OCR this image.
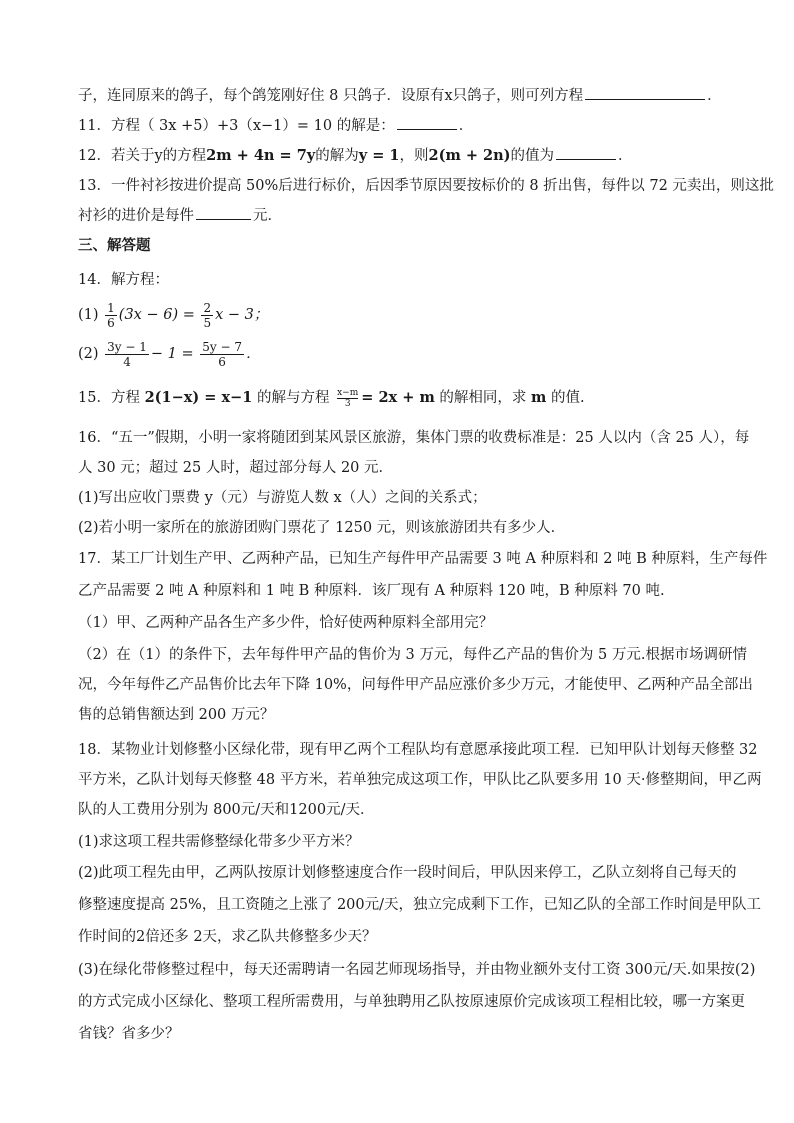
子，连同原来的鸽子，每个鸽笼刚好住 8 只鸽子．设原有x只鸽子，则可列方程	．
11．方程（ 3x +5）+3（x−1）= 10 的解是：	．
12．若关于y的方程2m + 4n = 7y的解为y = 1，则2(m + 2n)的值为	．
13．一件衬衫按进价提高 50%后进行标价，后因季节原因要按标价的 8 折出售，每件以 72 元卖出，则这批
衬衫的进价是每件	元．
三、解答题
14．解方程：
$(1) \frac{1}{6} (3x - 6) = \frac{2}{5}$ x − 3；
$(2) \frac{3y - 1}{4} - 1 = \frac{5y - 7}{6}$ ．
15．方程 2(1−x) = x−1 的解与方程 $\frac{x-m}{3} = 2x + m$ 的解相同，求 m 的值.
16．“五一”假期，小明一家将随团到某风景区旅游，集体门票的收费标准是：25 人以内（含 25 人），每
人 30 元；超过 25 人时，超过部分每人 20 元．
(1)写出应收门票费 y（元）与游览人数 x（人）之间的关系式；
(2)若小明一家所在的旅游团购门票花了 1250 元，则该旅游团共有多少人．
17．某工厂计划生产甲、乙两种产品，已知生产每件甲产品需要 3 吨 A 种原料和 2 吨 B 种原料，生产每件
乙产品需要 2 吨 A 种原料和 1 吨 B 种原料．该厂现有 A 种原料 120 吨，B 种原料 70 吨.
（1）甲、乙两种产品各生产多少件，恰好使两种原料全部用完？
（2）在（1）的条件下，去年每件甲产品的售价为 3 万元，每件乙产品的售价为 5 万元.根据市场调研情
况，今年每件乙产品售价比去年下降 10%，问每件甲产品应涨价多少万元，才能使甲、乙两种产品全部出
售的总销售额达到 200 万元？
18．某物业计划修整小区绿化带，现有甲乙两个工程队均有意愿承接此项工程．已知甲队计划每天修整 32
平方米，乙队计划每天修整 48 平方米，若单独完成这项工作，甲队比乙队要多用 10 天·修整期间，甲乙两
队的人工费用分别为 800元/天和1200元/天．
(1)求这项工程共需修整绿化带多少平方米？
(2)此项工程先由甲，乙两队按原计划修整速度合作一段时间后，甲队因来停工，乙队立刻将自己每天的
修整速度提高 25%，且工资随之上涨了 200元/天，独立完成剩下工作，已知乙队的全部工作时间是甲队工
作时间的2倍还多 2天，求乙队共修整多少天？
(3)在绿化带修整过程中，每天还需聘请一名园艺师现场指导，并由物业额外支付工资 300元/天.如果按(2)
的方式完成小区绿化、整项工程所需费用，与单独聘用乙队按原速原价完成该项工程相比较，哪一方案更
省钱？省多少？
